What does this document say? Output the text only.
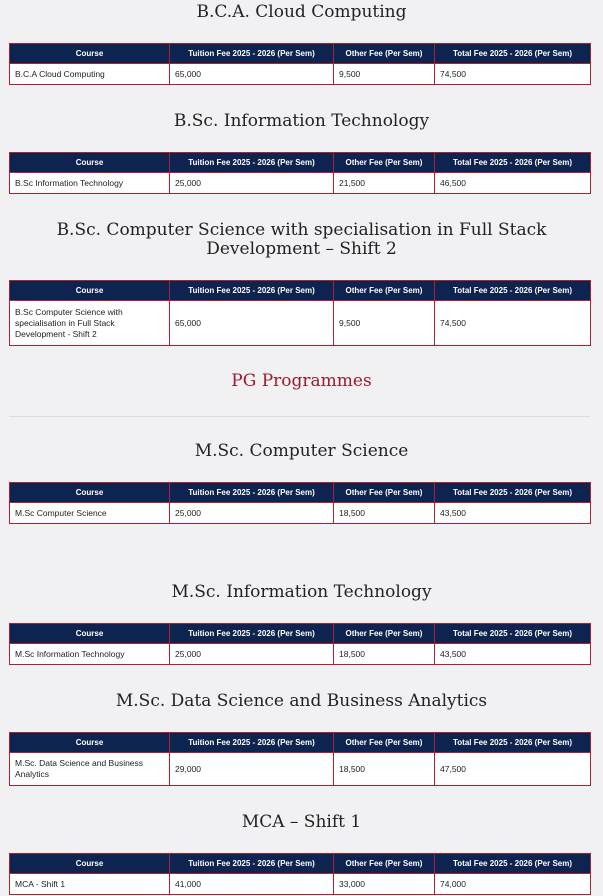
B.C.A. Cloud Computing
Course	Tuition Fee 2025 - 2026 (Per Sem)	Other Fee (Per Sem)	Total Fee 2025 - 2026 (Per Sem)
B.C.A Cloud Computing	65,000	9,500	74,500
B.Sc. Information Technology
Course	Tuition Fee 2025 - 2026 (Per Sem)	Other Fee (Per Sem)	Total Fee 2025 - 2026 (Per Sem)
B.Sc Information Technology	25,000	21,500	46,500
B.Sc. Computer Science with specialisation in Full Stack Development – Shift 2
Course	Tuition Fee 2025 - 2026 (Per Sem)	Other Fee (Per Sem)	Total Fee 2025 - 2026 (Per Sem)
B.Sc Computer Science with specialisation in Full Stack Development - Shift 2	65,000	9,500	74,500
PG Programmes
M.Sc. Computer Science
Course	Tuition Fee 2025 - 2026 (Per Sem)	Other Fee (Per Sem)	Total Fee 2025 - 2026 (Per Sem)
M.Sc Computer Science	25,000	18,500	43,500
M.Sc. Information Technology
Course	Tuition Fee 2025 - 2026 (Per Sem)	Other Fee (Per Sem)	Total Fee 2025 - 2026 (Per Sem)
M.Sc Information Technology	25,000	18,500	43,500
M.Sc. Data Science and Business Analytics
Course	Tuition Fee 2025 - 2026 (Per Sem)	Other Fee (Per Sem)	Total Fee 2025 - 2026 (Per Sem)
M.Sc. Data Science and Business Analytics	29,000	18,500	47,500
MCA – Shift 1
Course	Tuition Fee 2025 - 2026 (Per Sem)	Other Fee (Per Sem)	Total Fee 2025 - 2026 (Per Sem)
MCA - Shift 1	41,000	33,000	74,000
